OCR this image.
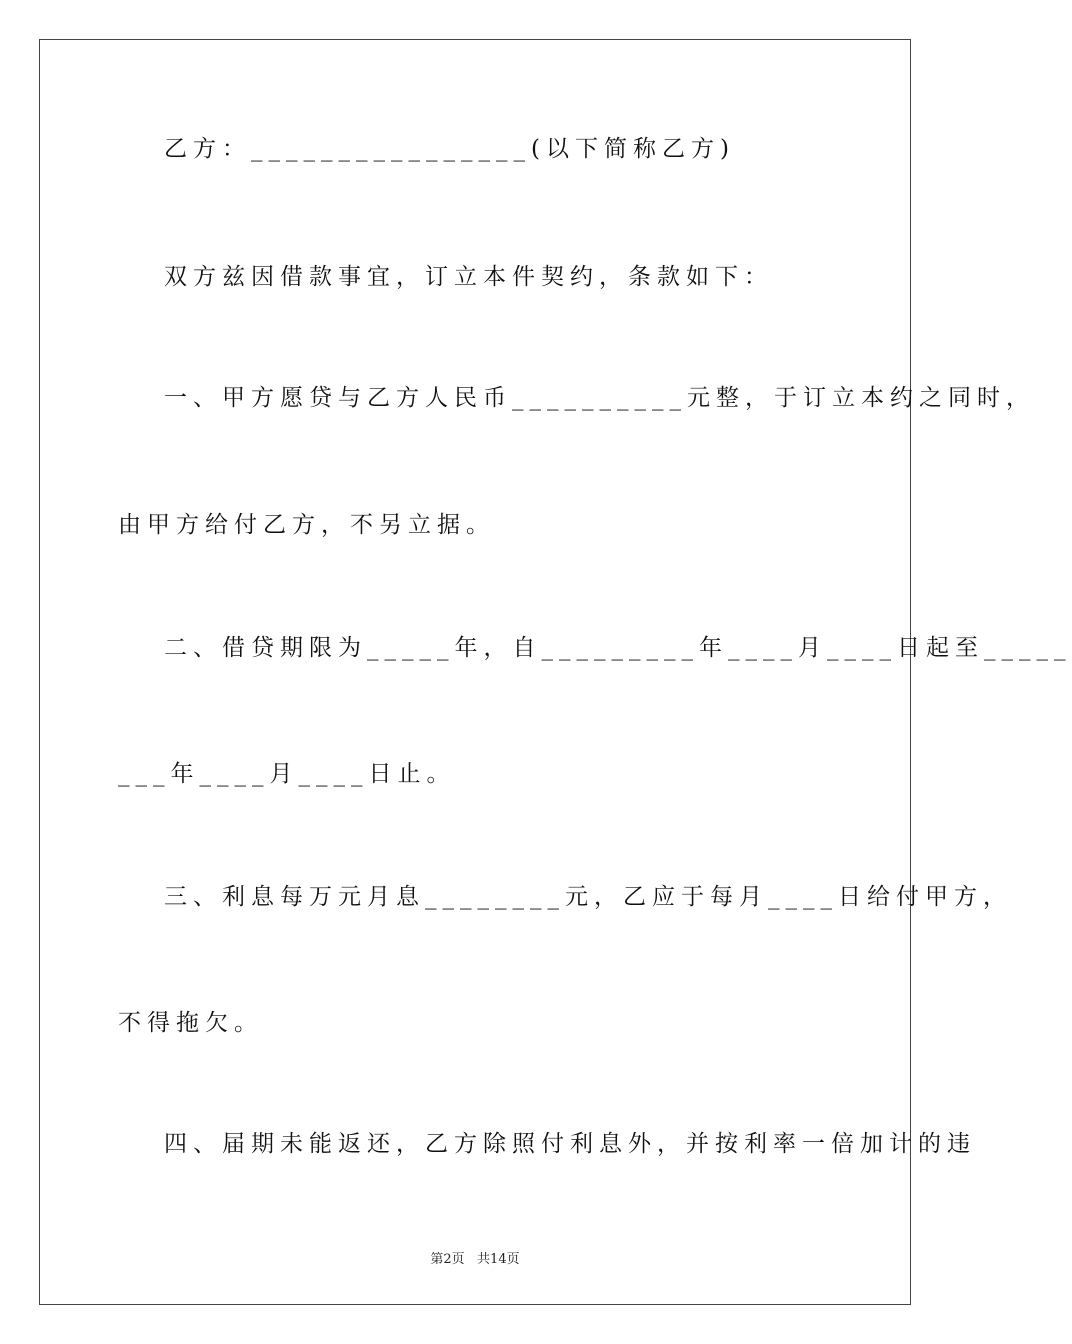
乙方：________________(以下简称乙方)
双方兹因借款事宜，订立本件契约，条款如下：
一、甲方愿贷与乙方人民币__________元整，于订立本约之同时，
由甲方给付乙方，不另立据。
二、借贷期限为_____年，自_________年____月____日起至_____
___年____月____日止。
三、利息每万元月息________元，乙应于每月____日给付甲方，
不得拖欠。
四、届期未能返还，乙方除照付利息外，并按利率一倍加计的违
第2页   共14页
